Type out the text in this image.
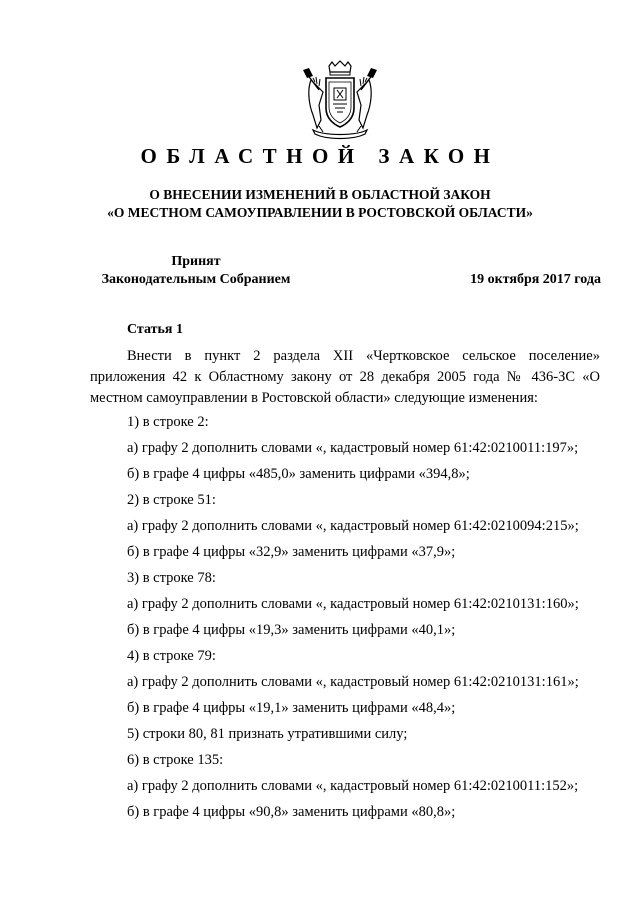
ОБЛАСТНОЙ ЗАКОН
О ВНЕСЕНИИ ИЗМЕНЕНИЙ В ОБЛАСТНОЙ ЗАКОН
«О МЕСТНОМ САМОУПРАВЛЕНИИ В РОСТОВСКОЙ ОБЛАСТИ»
Принят
Законодательным Собранием	19 октября 2017 года
Статья 1
Внести в пункт 2 раздела XII «Чертковское сельское поселение» приложения 42 к Областному закону от 28 декабря 2005 года № 436-ЗС «О местном самоуправлении в Ростовской области» следующие изменения:
1) в строке 2:
а) графу 2 дополнить словами «, кадастровый номер 61:42:0210011:197»;
б) в графе 4 цифры «485,0» заменить цифрами «394,8»;
2) в строке 51:
а) графу 2 дополнить словами «, кадастровый номер 61:42:0210094:215»;
б) в графе 4 цифры «32,9» заменить цифрами «37,9»;
3) в строке 78:
а) графу 2 дополнить словами «, кадастровый номер 61:42:0210131:160»;
б) в графе 4 цифры «19,3» заменить цифрами «40,1»;
4) в строке 79:
а) графу 2 дополнить словами «, кадастровый номер 61:42:0210131:161»;
б) в графе 4 цифры «19,1» заменить цифрами «48,4»;
5) строки 80, 81 признать утратившими силу;
6) в строке 135:
а) графу 2 дополнить словами «, кадастровый номер 61:42:0210011:152»;
б) в графе 4 цифры «90,8» заменить цифрами «80,8»;
